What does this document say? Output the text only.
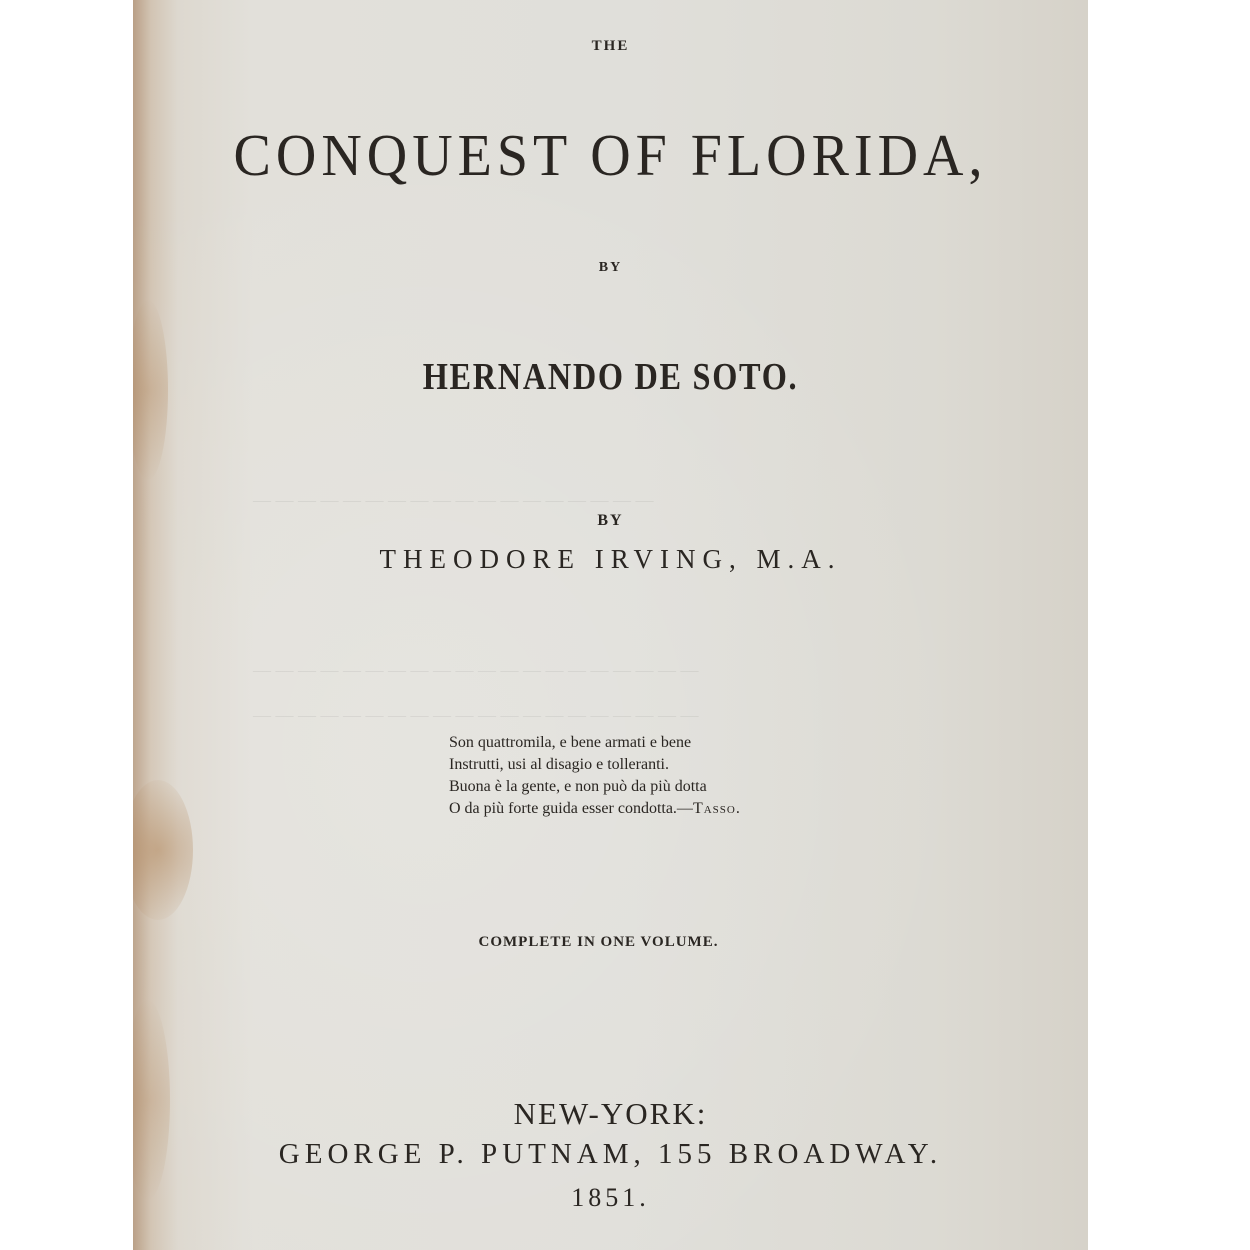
— — — — — — — — — — — — — — — — — —
— — — — — — — — — — — — — — — — — — — —
— — — — — — — — — — — — — — — — — — — —
THE
CONQUEST OF FLORIDA,
BY
HERNANDO DE SOTO.
BY
THEODORE IRVING, M.A.
Son quattromila, e bene armati e bene
Instrutti, usi al disagio e tolleranti.
Buona è la gente, e non può da più dotta
O da più forte guida esser condotta.—Tasso.
COMPLETE IN ONE VOLUME.
NEW-YORK:
GEORGE P. PUTNAM, 155 BROADWAY.
1851.
